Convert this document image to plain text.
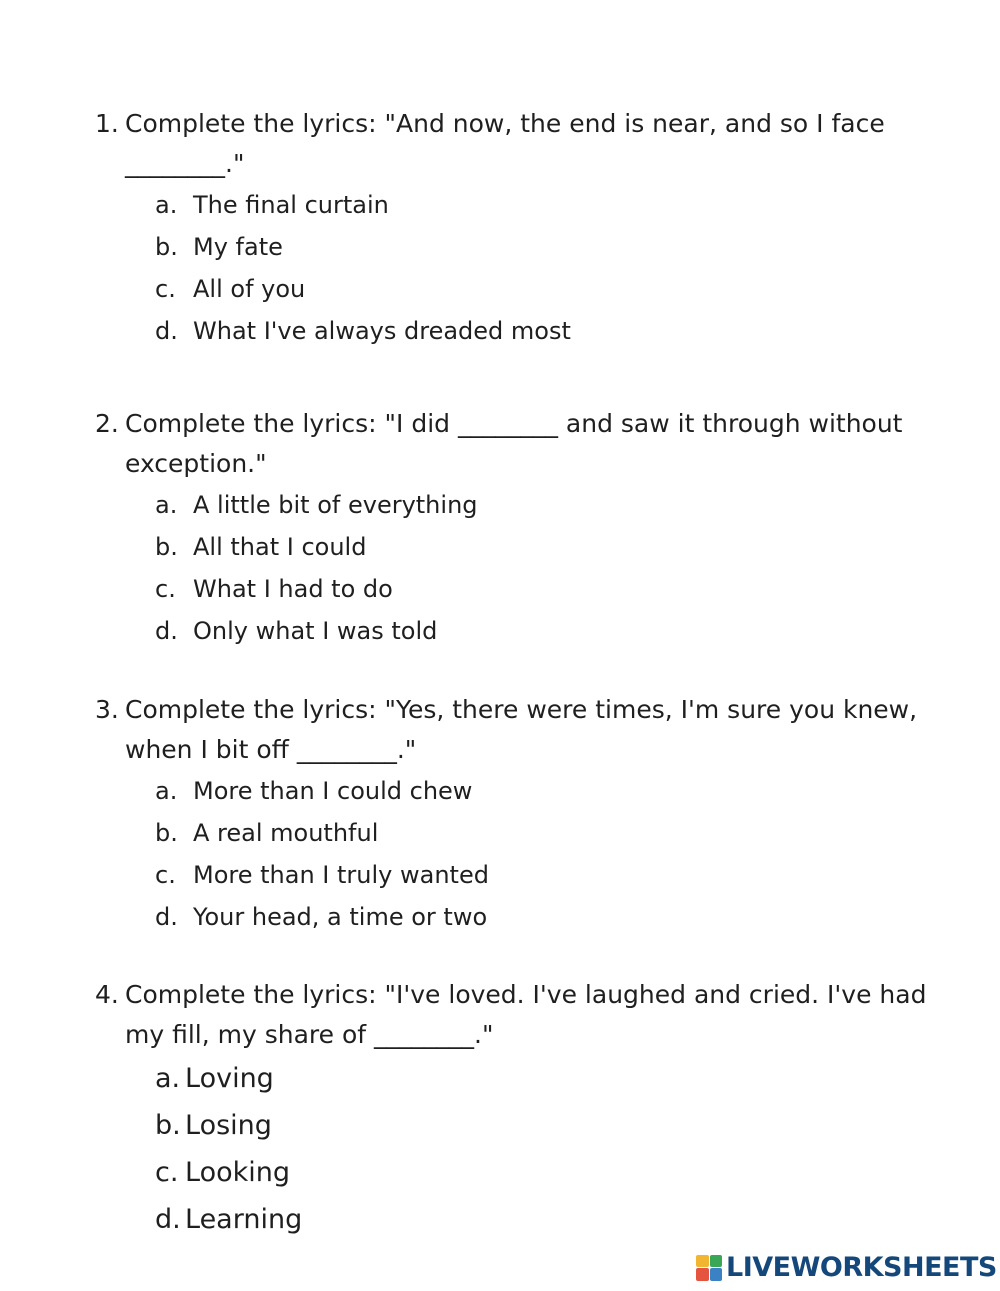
1. Complete the lyrics: "And now, the end is near, and so I face ________."
a. The final curtain
b. My fate
c. All of you
d. What I've always dreaded most
2. Complete the lyrics: "I did ________ and saw it through without exception."
a. A little bit of everything
b. All that I could
c. What I had to do
d. Only what I was told
3. Complete the lyrics: "Yes, there were times, I'm sure you knew, when I bit off ________."
a. More than I could chew
b. A real mouthful
c. More than I truly wanted
d. Your head, a time or two
4. Complete the lyrics: "I've loved. I've laughed and cried. I've had my fill, my share of ________."
a. Loving
b. Losing
c. Looking
d. Learning
LIVEWORKSHEETS
